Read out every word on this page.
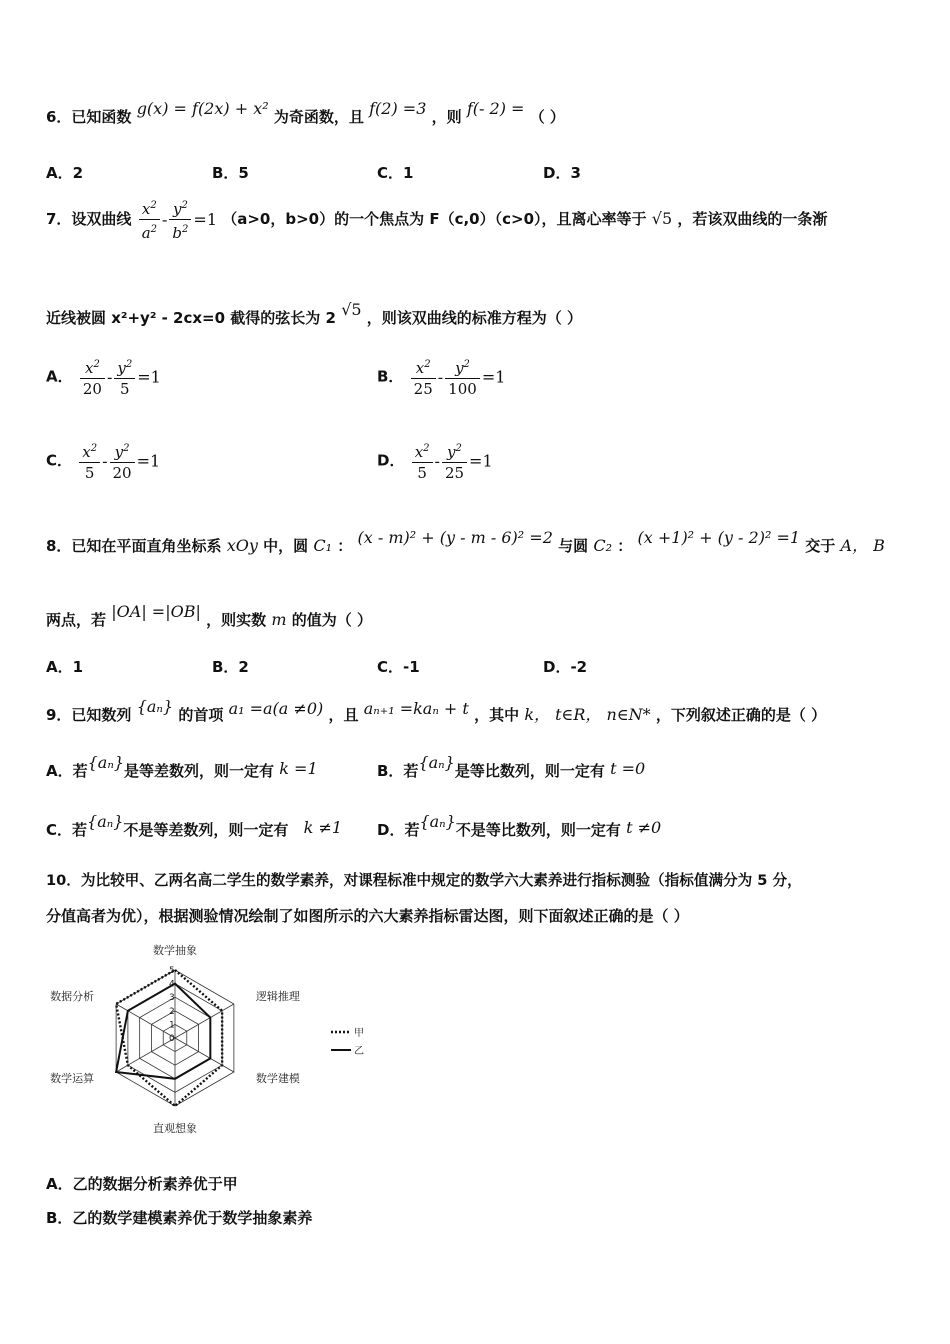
6．已知函数 g(x) = f(2x) + x² 为奇函数，且 f(2) =3 ，则 f(- 2) = （ ）
A．2	B．5	C．1	D．3
7．设双曲线 $\frac{x^2}{a^2} - \frac{y^2}{b^2} =1$ （a>0，b>0）的一个焦点为 F（c,0）（c>0），且离心率等于 √5 ，若该双曲线的一条渐
近线被圆 x²+y² - 2cx=0 截得的弦长为 2 √5 ，则该双曲线的标准方程为（ ）
A． $\frac{x^2}{20} - \frac{y^2}{5} =1$	B． $\frac{x^2}{25} - \frac{y^2}{100} =1$
C． $\frac{x^2}{5} - \frac{y^2}{20} =1$	D． $\frac{x^2}{5} - \frac{y^2}{25} =1$
8．已知在平面直角坐标系 xOy 中，圆 C₁ ： (x - m)² + (y - m - 6)² =2 与圆 C₂ ： (x +1)² + (y - 2)² =1 交于 A， B
两点，若 |OA| =|OB| ，则实数 m 的值为（ ）
A．1	B．2	C．-1	D．-2
9．已知数列 {aₙ} 的首项 a₁ =a(a ≠0) ，且 aₙ₊₁ =kaₙ + t ，其中 k， t∈R， n∈N* ，下列叙述正确的是（ ）
A．若{aₙ}是等差数列，则一定有 k =1	B．若{aₙ}是等比数列，则一定有 t =0
C．若{aₙ}不是等差数列，则一定有 k ≠1 D．若{aₙ}不是等比数列，则一定有 t ≠0
10．为比较甲、乙两名高二学生的数学素养，对课程标准中规定的数学六大素养进行指标测验（指标值满分为 5 分，
分值高者为优），根据测验情况绘制了如图所示的六大素养指标雷达图，则下面叙述正确的是（ ）
0
1
2
3
4
5
数学抽象
逻辑推理
数学建模
直观想象
数学运算
数据分析
甲
乙
A．乙的数据分析素养优于甲
B．乙的数学建模素养优于数学抽象素养
